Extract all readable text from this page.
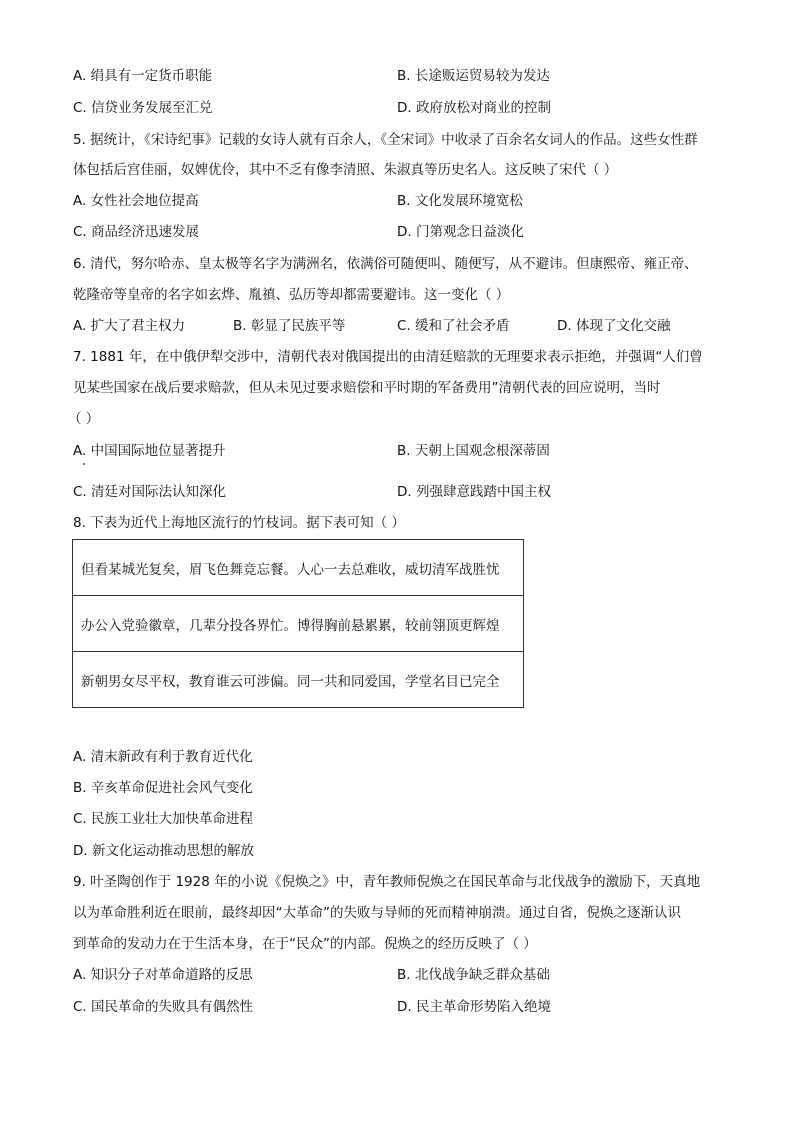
A. 绢具有一定货币职能	B. 长途贩运贸易较为发达
C. 信贷业务发展至汇兑	D. 政府放松对商业的控制
5. 据统计，《宋诗纪事》记载的女诗人就有百余人，《全宋词》中收录了百余名女词人的作品。这些女性群
体包括后宫佳丽，奴婢优伶，其中不乏有像李清照、朱淑真等历史名人。这反映了宋代（ ）
A. 女性社会地位提高	B. 文化发展环境宽松
C. 商品经济迅速发展	D. 门第观念日益淡化
6. 清代，努尔哈赤、皇太极等名字为满洲名，依满俗可随便叫、随便写，从不避讳。但康熙帝、雍正帝、
乾隆帝等皇帝的名字如玄烨、胤禛、弘历等却都需要避讳。这一变化（ ）
A. 扩大了君主权力	B. 彰显了民族平等	C. 缓和了社会矛盾	D. 体现了文化交融
7. 1881 年，在中俄伊犁交涉中，清朝代表对俄国提出的由清廷赔款的无理要求表示拒绝，并强调“人们曾
见某些国家在战后要求赔款，但从未见过要求赔偿和平时期的军备费用”清朝代表的回应说明，当时
（ ）
A. 中国国际地位显著提升	B. 天朝上国观念根深蒂固
C. 清廷对国际法认知深化	D. 列强肆意践踏中国主权
8. 下表为近代上海地区流行的竹枝词。据下表可知（ ）
但看某城光复矣，眉飞色舞竞忘餐。人心一去总难收，威切清军战胜忧
办公入党验徽章，几辈分投各界忙。博得胸前悬累累，较前翎顶更辉煌
新朝男女尽平权，教育谁云可涉偏。同一共和同爱国，学堂名目已完全
A. 清末新政有利于教育近代化
B. 辛亥革命促进社会风气变化
C. 民族工业壮大加快革命进程
D. 新文化运动推动思想的解放
9. 叶圣陶创作于 1928 年的小说《倪焕之》中，青年教师倪焕之在国民革命与北伐战争的激励下，天真地
以为革命胜利近在眼前，最终却因“大革命”的失败与导师的死而精神崩溃。通过自省，倪焕之逐渐认识
到革命的发动力在于生活本身，在于“民众”的内部。倪焕之的经历反映了（ ）
A. 知识分子对革命道路的反思	B. 北伐战争缺乏群众基础
C. 国民革命的失败具有偶然性	D. 民主革命形势陷入绝境
